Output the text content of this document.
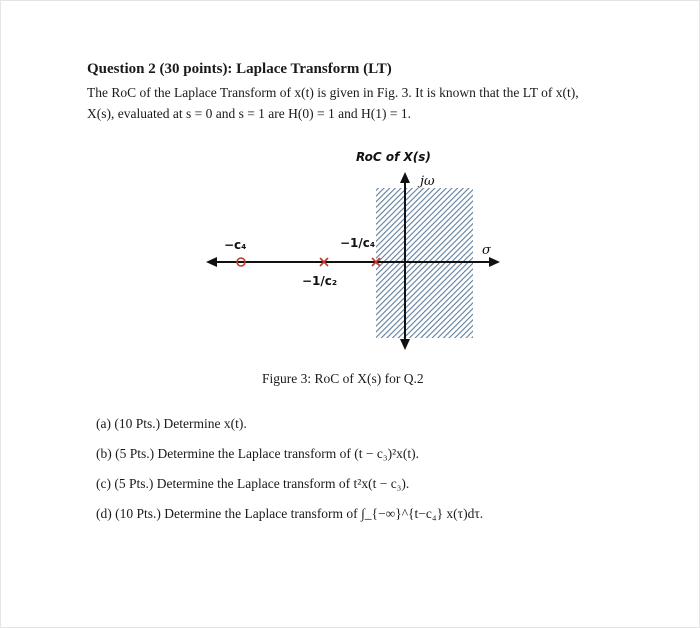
Question 2 (30 points): Laplace Transform (LT)
The RoC of the Laplace Transform of x(t) is given in Fig. 3. It is known that the LT of x(t),
X(s), evaluated at s = 0 and s = 1 are H(0) = 1 and H(1) = 1.
RoC of X(s)
jω
σ
−c₄
−1/c₂
−1/c₄
Figure 3: RoC of X(s) for Q.2
(a) (10 Pts.) Determine x(t).
(b) (5 Pts.) Determine the Laplace transform of (t − c₃)²x(t).
(c) (5 Pts.) Determine the Laplace transform of t²x(t − c₃).
(d) (10 Pts.) Determine the Laplace transform of ∫_{−∞}^{t−c₄} x(τ)dτ.
